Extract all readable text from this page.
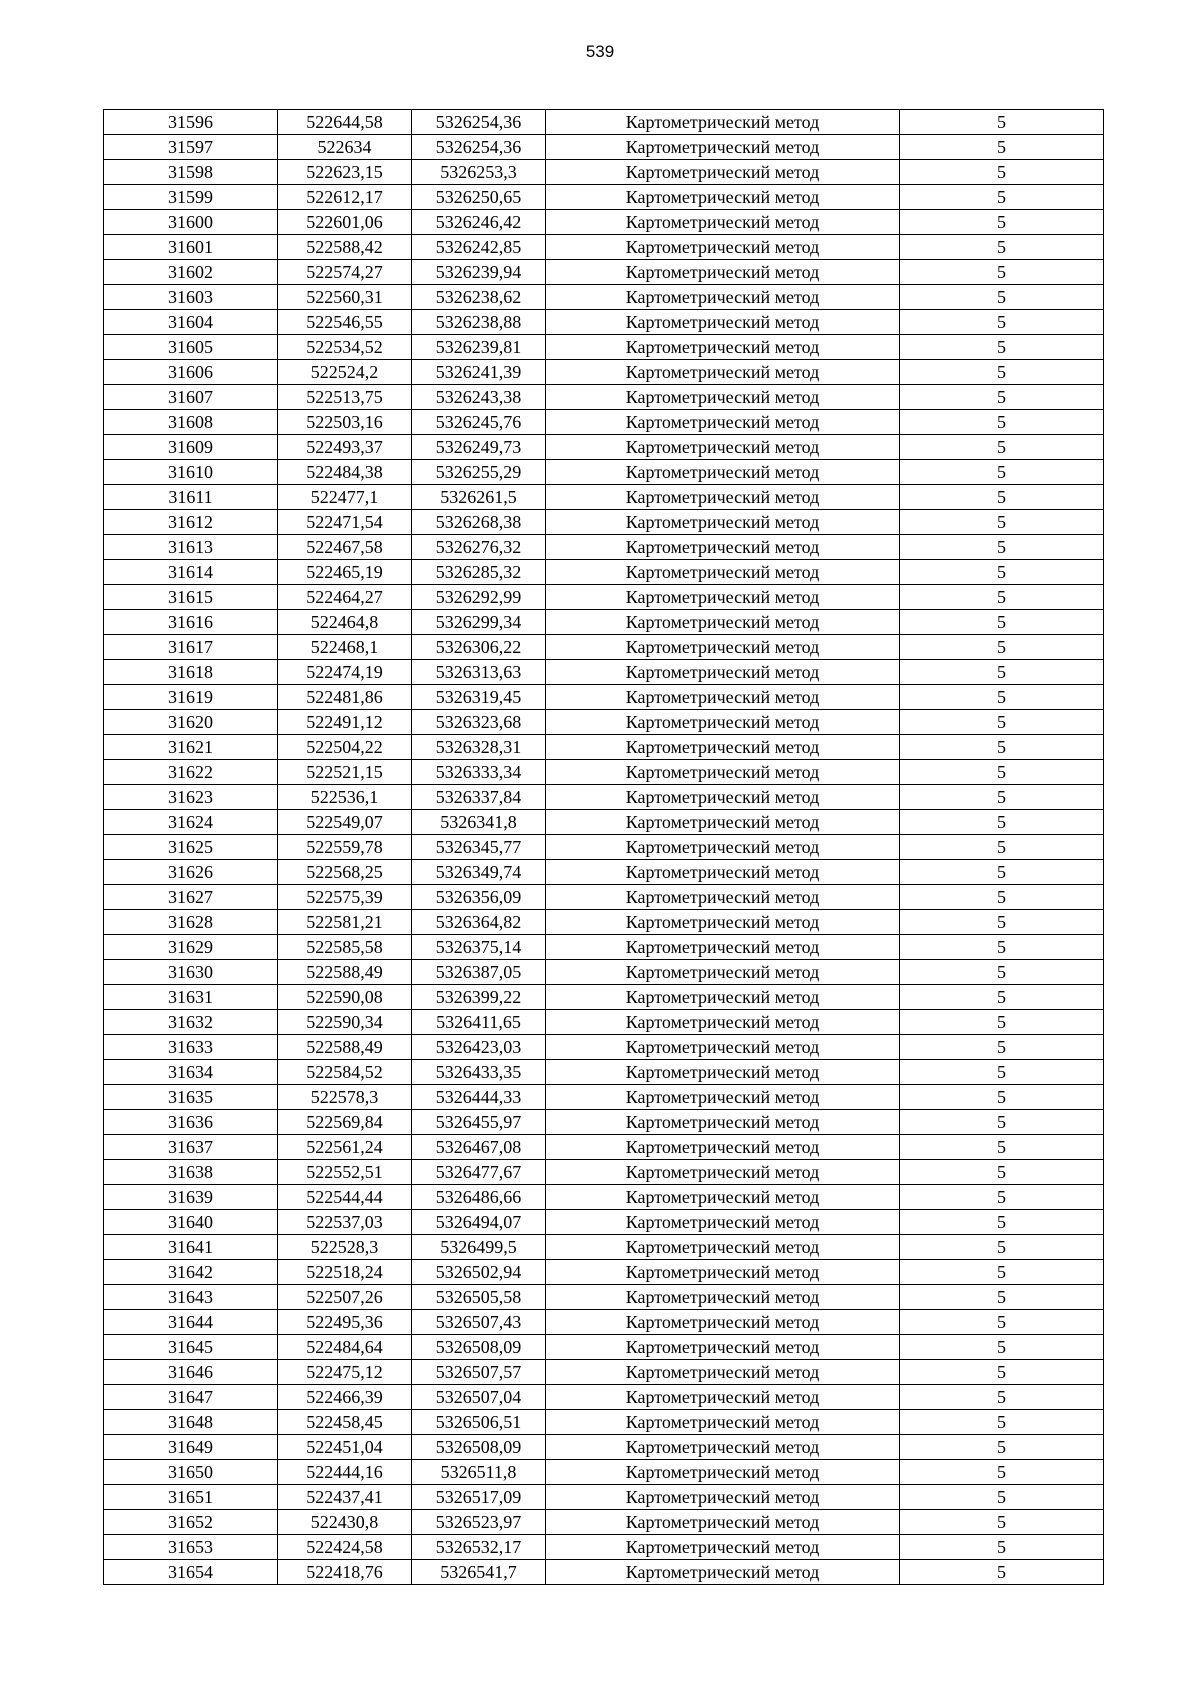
539
31596	522644,58	5326254,36	Картометрический метод	5
31597	522634	5326254,36	Картометрический метод	5
31598	522623,15	5326253,3	Картометрический метод	5
31599	522612,17	5326250,65	Картометрический метод	5
31600	522601,06	5326246,42	Картометрический метод	5
31601	522588,42	5326242,85	Картометрический метод	5
31602	522574,27	5326239,94	Картометрический метод	5
31603	522560,31	5326238,62	Картометрический метод	5
31604	522546,55	5326238,88	Картометрический метод	5
31605	522534,52	5326239,81	Картометрический метод	5
31606	522524,2	5326241,39	Картометрический метод	5
31607	522513,75	5326243,38	Картометрический метод	5
31608	522503,16	5326245,76	Картометрический метод	5
31609	522493,37	5326249,73	Картометрический метод	5
31610	522484,38	5326255,29	Картометрический метод	5
31611	522477,1	5326261,5	Картометрический метод	5
31612	522471,54	5326268,38	Картометрический метод	5
31613	522467,58	5326276,32	Картометрический метод	5
31614	522465,19	5326285,32	Картометрический метод	5
31615	522464,27	5326292,99	Картометрический метод	5
31616	522464,8	5326299,34	Картометрический метод	5
31617	522468,1	5326306,22	Картометрический метод	5
31618	522474,19	5326313,63	Картометрический метод	5
31619	522481,86	5326319,45	Картометрический метод	5
31620	522491,12	5326323,68	Картометрический метод	5
31621	522504,22	5326328,31	Картометрический метод	5
31622	522521,15	5326333,34	Картометрический метод	5
31623	522536,1	5326337,84	Картометрический метод	5
31624	522549,07	5326341,8	Картометрический метод	5
31625	522559,78	5326345,77	Картометрический метод	5
31626	522568,25	5326349,74	Картометрический метод	5
31627	522575,39	5326356,09	Картометрический метод	5
31628	522581,21	5326364,82	Картометрический метод	5
31629	522585,58	5326375,14	Картометрический метод	5
31630	522588,49	5326387,05	Картометрический метод	5
31631	522590,08	5326399,22	Картометрический метод	5
31632	522590,34	5326411,65	Картометрический метод	5
31633	522588,49	5326423,03	Картометрический метод	5
31634	522584,52	5326433,35	Картометрический метод	5
31635	522578,3	5326444,33	Картометрический метод	5
31636	522569,84	5326455,97	Картометрический метод	5
31637	522561,24	5326467,08	Картометрический метод	5
31638	522552,51	5326477,67	Картометрический метод	5
31639	522544,44	5326486,66	Картометрический метод	5
31640	522537,03	5326494,07	Картометрический метод	5
31641	522528,3	5326499,5	Картометрический метод	5
31642	522518,24	5326502,94	Картометрический метод	5
31643	522507,26	5326505,58	Картометрический метод	5
31644	522495,36	5326507,43	Картометрический метод	5
31645	522484,64	5326508,09	Картометрический метод	5
31646	522475,12	5326507,57	Картометрический метод	5
31647	522466,39	5326507,04	Картометрический метод	5
31648	522458,45	5326506,51	Картометрический метод	5
31649	522451,04	5326508,09	Картометрический метод	5
31650	522444,16	5326511,8	Картометрический метод	5
31651	522437,41	5326517,09	Картометрический метод	5
31652	522430,8	5326523,97	Картометрический метод	5
31653	522424,58	5326532,17	Картометрический метод	5
31654	522418,76	5326541,7	Картометрический метод	5
